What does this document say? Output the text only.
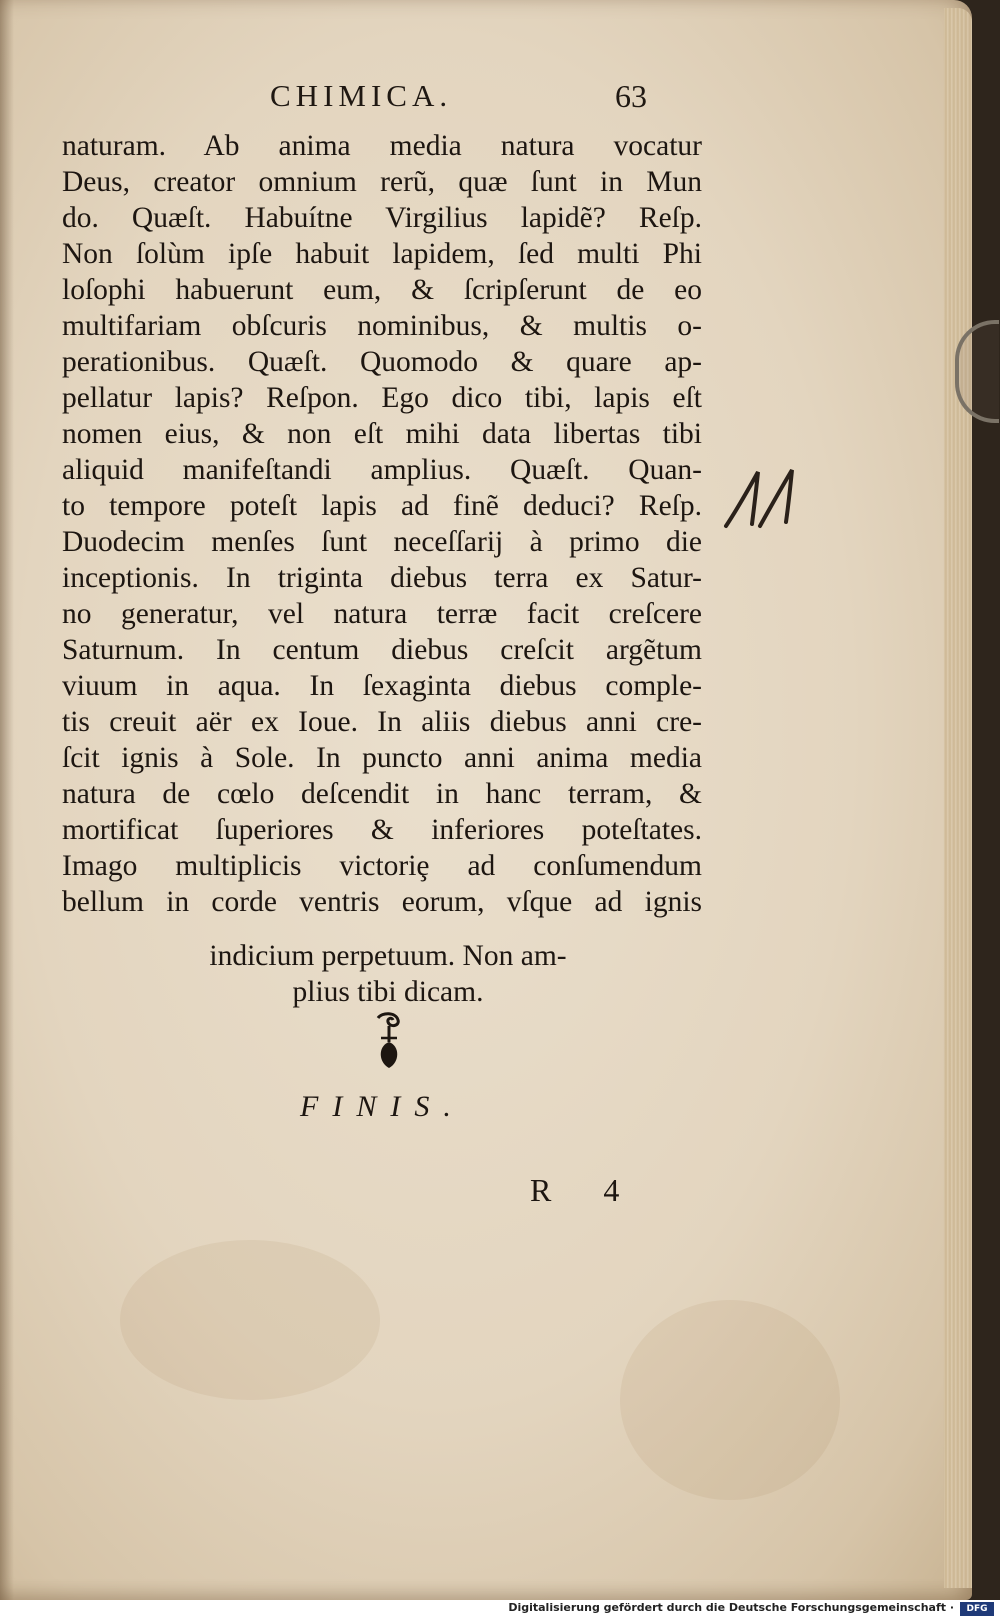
CHIMICA.	63
naturam. Ab anima media natura vocatur
Deus, creator omnium rerũ, quæ ſunt in Mun
do. Quæſt. Habuítne Virgilius lapidẽ? Reſp.
Non ſolùm ipſe habuit lapidem, ſed multi Phi
loſophi habuerunt eum, & ſcripſerunt de eo
multifariam obſcuris nominibus, & multis o-
perationibus. Quæſt. Quomodo & quare ap-
pellatur lapis? Reſpon. Ego dico tibi, lapis eſt
nomen eius, & non eſt mihi data libertas tibi
aliquid manifeſtandi amplius. Quæſt. Quan-
to tempore poteſt lapis ad finẽ deduci? Reſp.
Duodecim menſes ſunt neceſſarij à primo die
inceptionis. In triginta diebus terra ex Satur-
no generatur, vel natura terræ facit creſcere
Saturnum. In centum diebus creſcit argẽtum
viuum in aqua. In ſexaginta diebus comple-
tis creuit aër ex Ioue. In aliis diebus anni cre-
ſcit ignis à Sole. In puncto anni anima media
natura de cœlo deſcendit in hanc terram, &
mortificat ſuperiores & inferiores poteſtates.
Imago multiplicis victoriȩ ad conſumendum
bellum in corde ventris eorum, vſque ad ignis
indicium perpetuum. Non am-
plius tibi dicam.
FINIS.
R 4
Digitalisierung gefördert durch die Deutsche Forschungsgemeinschaft ·	DFG
